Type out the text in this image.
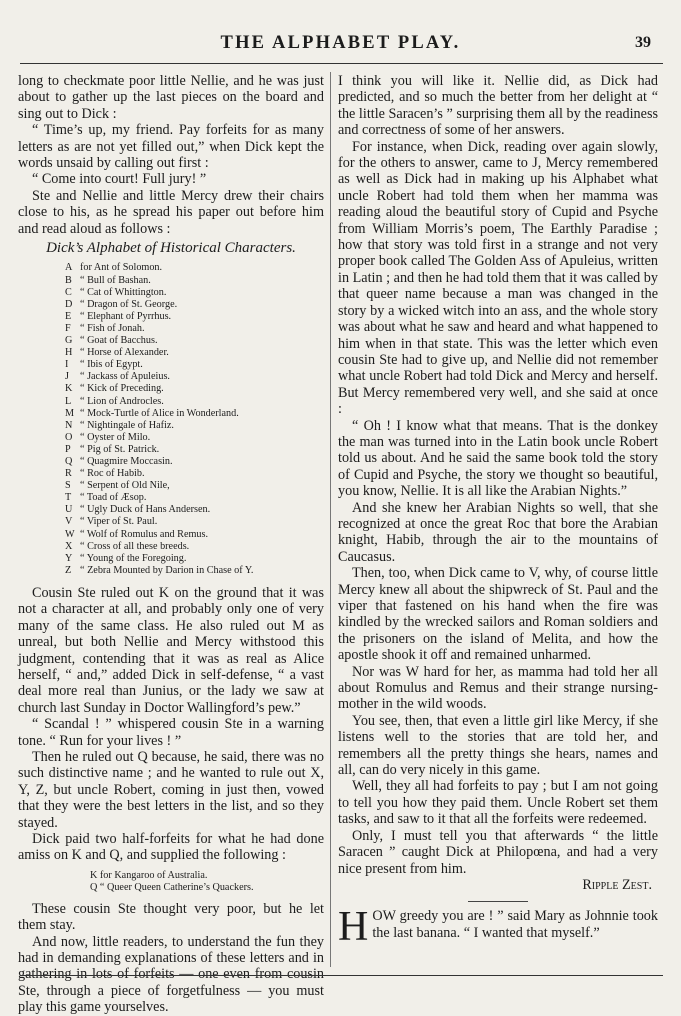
THE ALPHABET PLAY.	39

long to checkmate poor little Nellie, and he was just about to gather up the last pieces on the board and sing out to Dick :

“ Time’s up, my friend. Pay forfeits for as many letters as are not yet filled out,” when Dick kept the words unsaid by calling out first :

“ Come into court! Full jury! ”

Ste and Nellie and little Mercy drew their chairs close to his, as he spread his paper out before him and read aloud as follows :

Dick’s Alphabet of Historical Characters.
A for Ant of Solomon.
B “ Bull of Bashan.
C “ Cat of Whittington.
D “ Dragon of St. George.
E “ Elephant of Pyrrhus.
F “ Fish of Jonah.
G “ Goat of Bacchus.
H “ Horse of Alexander.
I “ Ibis of Egypt.
J “ Jackass of Apuleius.
K “ Kick of Preceding.
L “ Lion of Androcles.
M “ Mock-Turtle of Alice in Wonderland.
N “ Nightingale of Hafiz.
O “ Oyster of Milo.
P “ Pig of St. Patrick.
Q “ Quagmire Moccasin.
R “ Roc of Habib.
S “ Serpent of Old Nile,
T “ Toad of Æsop.
U “ Ugly Duck of Hans Andersen.
V “ Viper of St. Paul.
W “ Wolf of Romulus and Remus.
X “ Cross of all these breeds.
Y “ Young of the Foregoing.
Z “ Zebra Mounted by Darion in Chase of Y.

Cousin Ste ruled out K on the ground that it was not a character at all, and probably only one of very many of the same class. He also ruled out M as unreal, but both Nellie and Mercy withstood this judgment, contending that it was as real as Alice herself, “ and,” added Dick in self-defense, “ a vast deal more real than Junius, or the lady we saw at church last Sunday in Doctor Wallingford’s pew.”

“ Scandal ! ” whispered cousin Ste in a warning tone. “ Run for your lives ! ”

Then he ruled out Q because, he said, there was no such distinctive name ; and he wanted to rule out X, Y, Z, but uncle Robert, coming in just then, vowed that they were the best letters in the list, and so they stayed.

Dick paid two half-forfeits for what he had done amiss on K and Q, and supplied the following :

K for Kangaroo of Australia.
Q “ Queer Queen Catherine’s Quackers.

These cousin Ste thought very poor, but he let them stay.

And now, little readers, to understand the fun they had in demanding explanations of these letters and in gathering in lots of forfeits — one even from cousin Ste, through a piece of forgetfulness — you must play this game yourselves.

I think you will like it. Nellie did, as Dick had predicted, and so much the better from her delight at “ the little Saracen’s ” surprising them all by the readiness and correctness of some of her answers.

For instance, when Dick, reading over again slowly, for the others to answer, came to J, Mercy remembered as well as Dick had in making up his Alphabet what uncle Robert had told them when her mamma was reading aloud the beautiful story of Cupid and Psyche from William Morris’s poem, The Earthly Paradise ; how that story was told first in a strange and not very proper book called The Golden Ass of Apuleius, written in Latin ; and then he had told them that it was called by that queer name because a man was changed in the story by a wicked witch into an ass, and the whole story was about what he saw and heard and what happened to him when in that state. This was the letter which even cousin Ste had to give up, and Nellie did not remember what uncle Robert had told Dick and Mercy and herself. But Mercy remembered very well, and she said at once :

“ Oh ! I know what that means. That is the donkey the man was turned into in the Latin book uncle Robert told us about. And he said the same book told the story of Cupid and Psyche, the story we thought so beautiful, you know, Nellie. It is all like the Arabian Nights.”

And she knew her Arabian Nights so well, that she recognized at once the great Roc that bore the Arabian knight, Habib, through the air to the mountains of Caucasus.

Then, too, when Dick came to V, why, of course little Mercy knew all about the shipwreck of St. Paul and the viper that fastened on his hand when the fire was kindled by the wrecked sailors and Roman soldiers and the prisoners on the island of Melita, and how the apostle shook it off and remained unharmed.

Nor was W hard for her, as mamma had told her all about Romulus and Remus and their strange nursing-mother in the wild woods.

You see, then, that even a little girl like Mercy, if she listens well to the stories that are told her, and remembers all the pretty things she hears, names and all, can do very nicely in this game.

Well, they all had forfeits to pay ; but I am not going to tell you how they paid them. Uncle Robert set them tasks, and saw to it that all the forfeits were redeemed.

Only, I must tell you that afterwards “ the little Saracen ” caught Dick at Philopœna, and had a very nice present from him.

Ripple Zest.

HOW greedy you are ! ” said Mary as Johnnie took the last banana. “ I wanted that myself.”
